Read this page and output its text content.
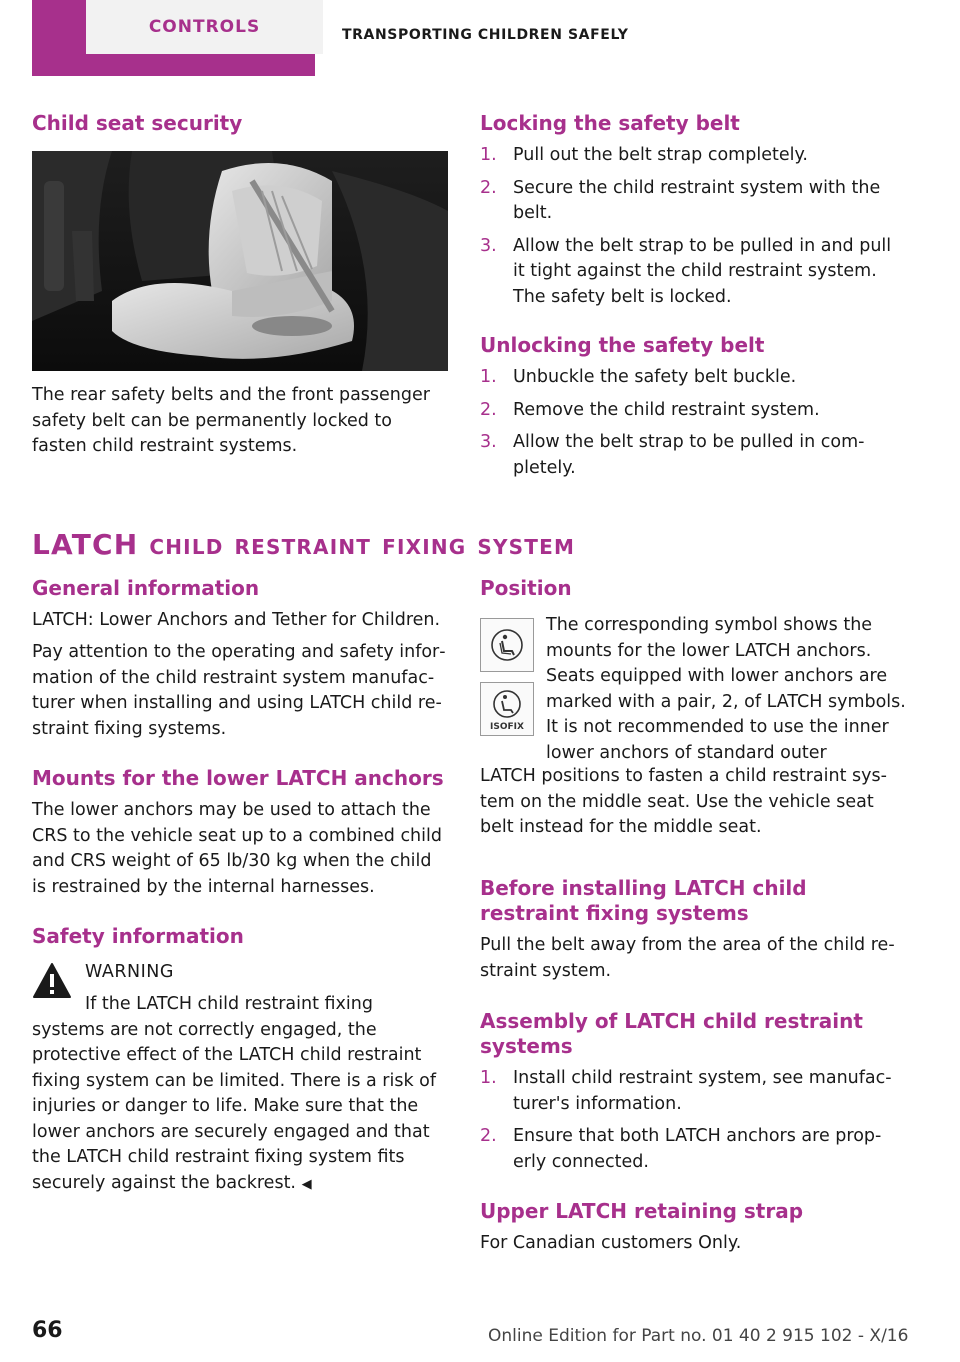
CONTROLS	TRANSPORTING CHILDREN SAFELY
Child seat security

The rear safety belts and the front passenger safety belt can be permanently locked to fasten child restraint systems.

Locking the safety belt
1. Pull out the belt strap completely.
2. Secure the child restraint system with the belt.
3. Allow the belt strap to be pulled in and pull it tight against the child restraint system. The safety belt is locked.
Unlocking the safety belt
1. Unbuckle the safety belt buckle.
2. Remove the child restraint system.
3. Allow the belt strap to be pulled in completely.
LATCH child restraint fixing system
General information

LATCH: Lower Anchors and Tether for Children.

Pay attention to the operating and safety information of the child restraint system manufacturer when installing and using LATCH child restraint fixing systems.

Mounts for the lower LATCH anchors

The lower anchors may be used to attach the CRS to the vehicle seat up to a combined child and CRS weight of 65 lb/30 kg when the child is restrained by the internal harnesses.

Safety information
WARNING

If the LATCH child restraint fixing systems are not correctly engaged, the protective effect of the LATCH child restraint fixing system can be limited. There is a risk of injuries or danger to life. Make sure that the lower anchors are securely engaged and that the LATCH child restraint fixing system fits securely against the backrest. ◀

Position
ISOFIX

The corresponding symbol shows the mounts for the lower LATCH anchors. Seats equipped with lower anchors are marked with a pair, 2, of LATCH symbols. It is not recommended to use the inner lower anchors of standard outer

LATCH positions to fasten a child restraint system on the middle seat. Use the vehicle seat belt instead for the middle seat.

Before installing LATCH child restraint fixing systems

Pull the belt away from the area of the child restraint system.

Assembly of LATCH child restraint systems
1. Install child restraint system, see manufacturer's information.
2. Ensure that both LATCH anchors are properly connected.
Upper LATCH retaining strap

For Canadian customers Only.

66	Online Edition for Part no. 01 40 2 915 102 - X/16
